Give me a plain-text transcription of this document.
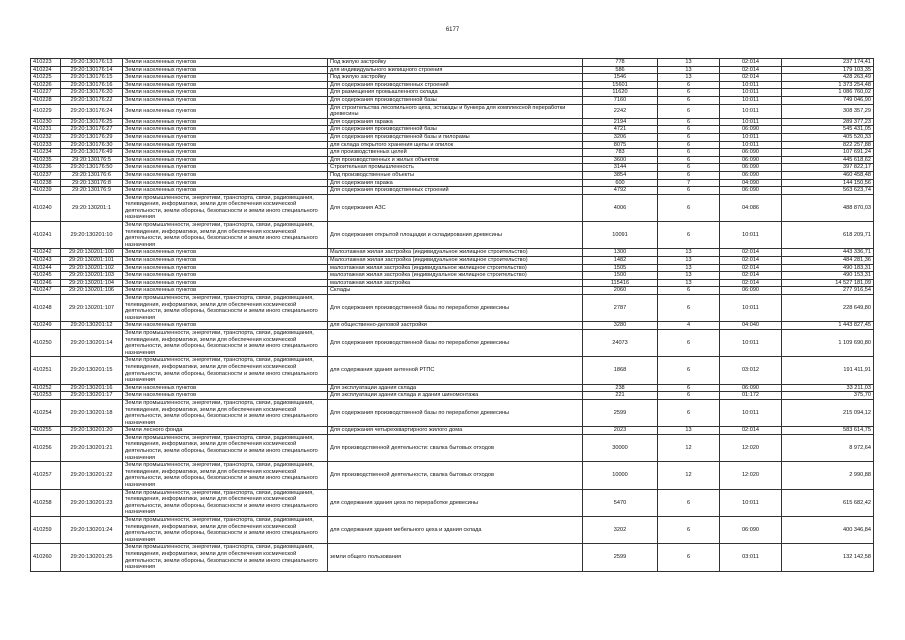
6177
410223	29:20:130176:13	Земли населенных пунктов	Под жилую застройку	778	13	02:014	237 174,41
410224	29:20:130176:14	Земли населенных пунктов	для индивидуального жилищного строения	586	13	02:014	179 103,35
410225	29:20:130176:15	Земли населенных пунктов	Под жилую застройку	1546	13	02:014	428 263,49
410226	29:20:130176:16	Земли населенных пунктов	Для содержания производственных строений	15601	6	10:011	1 373 254,48
410227	29:20:130176:20	Земли населенных пунктов	Для размещения промышленного склада	11620	6	10:011	1 086 760,02
410228	29:20:130176:22	Земли населенных пунктов	Для содержания производственной базы	7160	6	10:011	749 046,90
410229	29:20:130176:24	Земли населенных пунктов	Для строительства лесопильного цеха, эстакады и бункера для комплексной переработки древесины	2242	6	10:011	308 357,29
410230	29:20:130176:25	Земли населенных пунктов	Для содержания гаража	2194	6	10:011	289 377,23
410231	29:20:130176:27	Земли населенных пунктов	Для содержания производственной базы	4721	6	06:090	545 431,05
410232	29:20:130176:29	Земли населенных пунктов	Для содержания производственной базы и пилорамы	3206	6	10:011	405 520,33
410233	29:20:130176:30	Земли населенных пунктов	для склада открытого хранения щепы и опилок	8075	6	10:011	822 257,88
410234	29:20:130176:49	Земли населенных пунктов	для производственных целей	783	6	06:090	107 691,24
410235	29:20:130176:5	Земли населенных пунктов	Для производственных и жилых объектов	3600	6	06:090	445 618,62
410236	29:20:130176:50	Земли населенных пунктов	Строительная промышленность	3144	6	06:090	397 822,17
410237	29:20:130176:6	Земли населенных пунктов	Под производственные объекты	3854	6	06:090	460 458,48
410238	29:20:130176:8	Земли населенных пунктов	Для содержания гаража	600	7	04:090	144 150,56
410239	29:20:130176:9	Земли населенных пунктов	Для содержания производственных строений	4792	6	06:090	563 623,74
410240	29:20:130201:1	Земли промышленности, энергетики, транспорта, связи, радиовещания, телевидения, информатики, земли для обеспечения космической деятельности, земли обороны, безопасности и земли иного специального назначения	Для содержания АЗС	4006	6	04:086	488 870,03
410241	29:20:130201:10	Земли промышленности, энергетики, транспорта, связи, радиовещания, телевидения, информатики, земли для обеспечения космической деятельности, земли обороны, безопасности и земли иного специального назначения	Для содержания открытой площадки и складирования древесины	10091	6	10:011	618 209,71
410242	29:20:130201:100	Земли населенных пунктов	Малоэтажная жилая застройка (индивидуальное жилищное строительство)	1300	13	02:014	443 336,71
410243	29:20:130201:101	Земли населенных пунктов	Малоэтажная жилая застройка (индивидуальное жилищное строительство)	1482	13	02:014	484 281,36
410244	29:20:130201:102	Земли населенных пунктов	малоэтажная жилая застройка (индивидуальное жилищное строительство)	1505	13	02:014	490 183,31
410245	29:20:130201:103	Земли населенных пунктов	малоэтажная жилая застройка (индивидуальное жилищное строительство)	1500	13	02:014	490 153,31
410246	29:20:130201:104	Земли населенных пунктов	малоэтажная жилая застройка	115416	13	02:014	14 527 181,09
410247	29:20:130201:106	Земли населенных пунктов	Склады	2060	6	06:090	277 916,54
410248	29:20:130201:107	Земли промышленности, энергетики, транспорта, связи, радиовещания, телевидения, информатики, земли для обеспечения космической деятельности, земли обороны, безопасности и земли иного специального назначения	Для содержания производственной базы по переработке древесины	2787	6	10:011	228 649,80
410249	29:20:130201:12	Земли населенных пунктов	для общественно-деловой застройки	3280	4	04:040	1 443 827,45
410250	29:20:130201:14	Земли промышленности, энергетики, транспорта, связи, радиовещания, телевидения, информатики, земли для обеспечения космической деятельности, земли обороны, безопасности и земли иного специального назначения	Для содержания производственной базы по переработке древесины	24073	6	10:011	1 109 690,80
410251	29:20:130201:15	Земли промышленности, энергетики, транспорта, связи, радиовещания, телевидения, информатики, земли для обеспечения космической деятельности, земли обороны, безопасности и земли иного специального назначения	для содержания здания антенной РТПС	1868	6	03:012	191 411,91
410252	29:20:130201:16	Земли населенных пунктов	Для эксплуатации здания склада	238	6	06:090	33 211,03
410253	29:20:130201:17	Земли населенных пунктов	Для эксплуатации здания склада и здания шиномонтажа	221	6	01:172	375,70
410254	29:20:130201:18	Земли промышленности, энергетики, транспорта, связи, радиовещания, телевидения, информатики, земли для обеспечения космической деятельности, земли обороны, безопасности и земли иного специального назначения	Для содержания производственной базы по переработке древесины	2599	6	10:011	215 094,12
410255	29:20:130201:20	Земли лесного фонда	Для содержания четырехквартирного жилого дома	2023	13	02:014	583 614,75
410256	29:20:130201:21	Земли промышленности, энергетики, транспорта, связи, радиовещания, телевидения, информатики, земли для обеспечения космической деятельности, земли обороны, безопасности и земли иного специального назначения	Для производственной деятельности: свалка бытовых отходов	30000	12	12:020	8 972,64
410257	29:20:130201:22	Земли промышленности, энергетики, транспорта, связи, радиовещания, телевидения, информатики, земли для обеспечения космической деятельности, земли обороны, безопасности и земли иного специального назначения	Для производственной деятельности, свалка бытовых отходов	10000	12	12:020	2 990,88
410258	29:20:130201:23	Земли промышленности, энергетики, транспорта, связи, радиовещания, телевидения, информатики, земли для обеспечения космической деятельности, земли обороны, безопасности и земли иного специального назначения	для содержания здания цеха по переработке древесины	5470	6	10:011	615 682,42
410259	29:20:130201:24	Земли промышленности, энергетики, транспорта, связи, радиовещания, телевидения, информатики, земли для обеспечения космической деятельности, земли обороны, безопасности и земли иного специального назначения	для содержания здания мебельного цеха и здания склада	3202	6	06:090	400 346,84
410260	29:20:130201:25	Земли промышленности, энергетики, транспорта, связи, радиовещания, телевидения, информатики, земли для обеспечения космической деятельности, земли обороны, безопасности и земли иного специального назначения	земли общего пользования	2599	6	03:011	132 142,58
